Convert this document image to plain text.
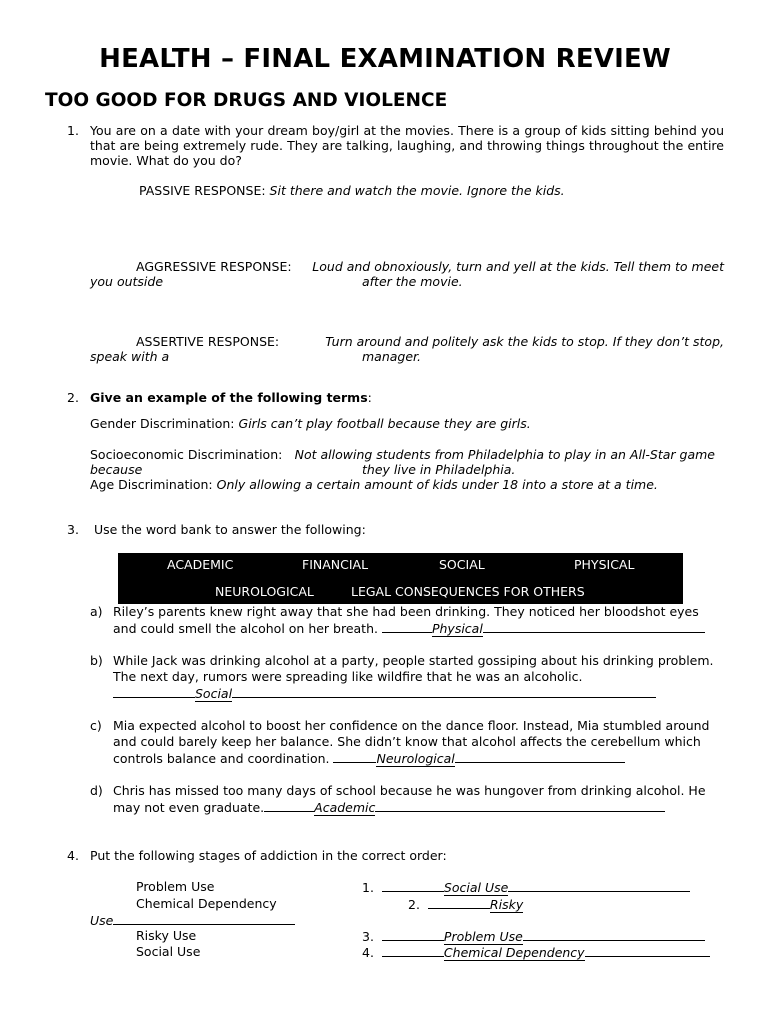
HEALTH – FINAL EXAMINATION REVIEW
TOO GOOD FOR DRUGS AND VIOLENCE
1. You are on a date with your dream boy/girl at the movies. There is a group of kids sitting behind you that are being extremely rude. They are talking, laughing, and throwing things throughout the entire movie. What do you do?
PASSIVE RESPONSE: Sit there and watch the movie. Ignore the kids.
AGGRESSIVE RESPONSE: Loud and obnoxiously, turn and yell at the kids. Tell them to meet
you outside	after the movie.
ASSERTIVE RESPONSE:	Turn around and politely ask the kids to stop. If they don’t stop,
speak with a	manager.
2. Give an example of the following terms:
Gender Discrimination: Girls can’t play football because they are girls.
Socioeconomic Discrimination: Not allowing students from Philadelphia to play in an All-Star game
because	they live in Philadelphia.
Age Discrimination: Only allowing a certain amount of kids under 18 into a store at a time.
3. Use the word bank to answer the following:
ACADEMIC	FINANCIAL	SOCIAL	PHYSICAL
NEUROLOGICAL	LEGAL CONSEQUENCES FOR OTHERS
a) Riley’s parents knew right away that she had been drinking. They noticed her bloodshot eyes
and could smell the alcohol on her breath.	Physical
b) While Jack was drinking alcohol at a party, people started gossiping about his drinking problem.
The next day, rumors were spreading like wildfire that he was an alcoholic.
Social
c) Mia expected alcohol to boost her confidence on the dance floor. Instead, Mia stumbled around
and could barely keep her balance. She didn’t know that alcohol affects the cerebellum which
controls balance and coordination.	Neurological
d) Chris has missed too many days of school because he was hungover from drinking alcohol. He
may not even graduate.	Academic
4. Put the following stages of addiction in the correct order:
Problem Use
Chemical Dependency
Use
Risky Use
Social Use
1.	Social Use
2.	Risky
3.	Problem Use
4.	Chemical Dependency
